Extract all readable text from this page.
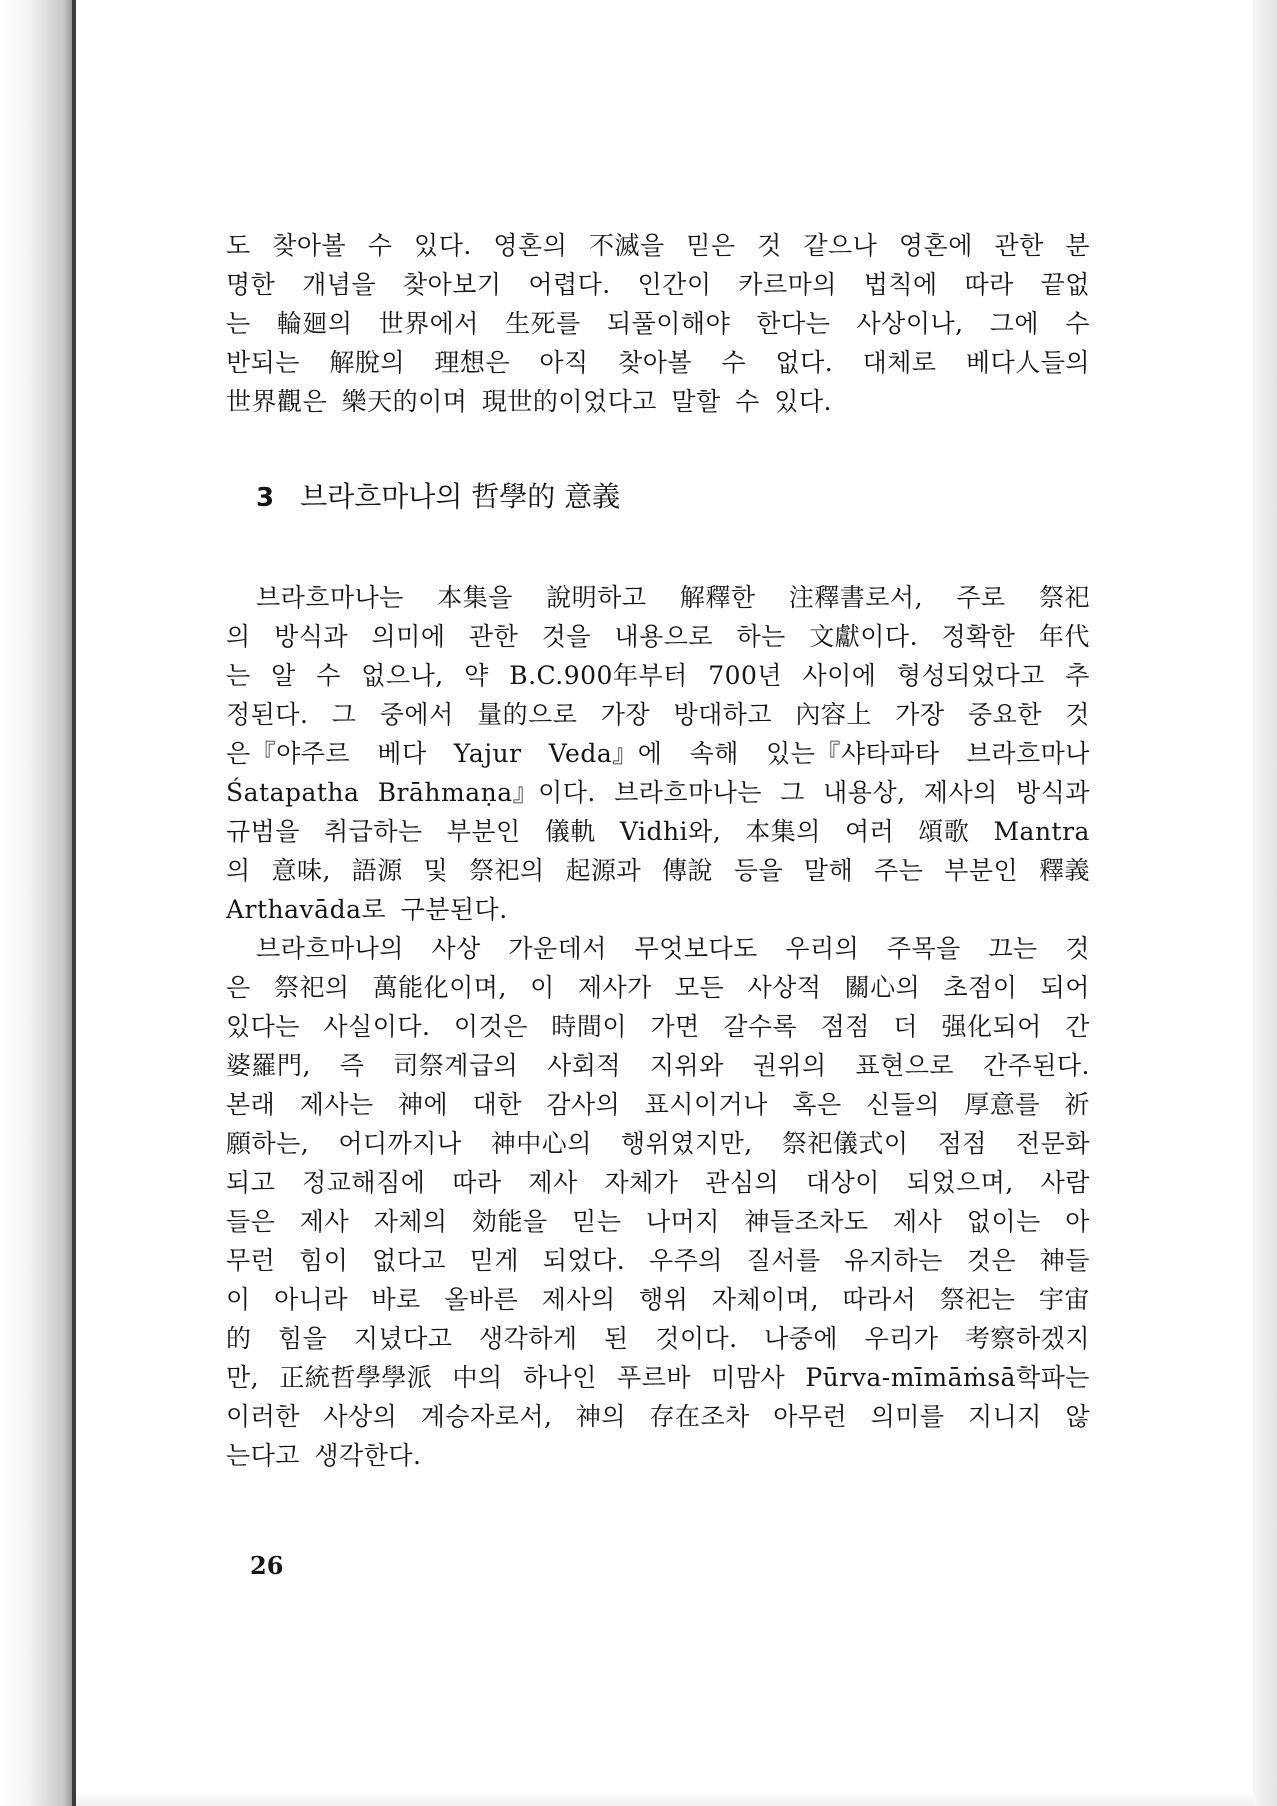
도 찾아볼 수 있다. 영혼의 不滅을 믿은 것 같으나 영혼에 관한 분
명한 개념을 찾아보기 어렵다. 인간이 카르마의 법칙에 따라 끝없
는 輪廻의 世界에서 生死를 되풀이해야 한다는 사상이나, 그에 수
반되는 解脫의 理想은 아직 찾아볼 수 없다. 대체로 베다人들의
世界觀은 樂天的이며 現世的이었다고 말할 수 있다.
3 브라흐마나의 哲學的 意義
브라흐마나는 本集을 說明하고 解釋한 注釋書로서, 주로 祭祀
의 방식과 의미에 관한 것을 내용으로 하는 文獻이다. 정확한 年代
는 알 수 없으나, 약 B.C.900年부터 700년 사이에 형성되었다고 추
정된다. 그 중에서 量的으로 가장 방대하고 內容上 가장 중요한 것
은『야주르 베다 Yajur Veda』에 속해 있는『샤타파타 브라흐마나
Śatapatha Brāhmaṇa』이다. 브라흐마나는 그 내용상, 제사의 방식과
규범을 취급하는 부분인 儀軌 Vidhi와, 本集의 여러 頌歌 Mantra
의 意味, 語源 및 祭祀의 起源과 傳說 등을 말해 주는 부분인 釋義
Arthavāda로 구분된다.
브라흐마나의 사상 가운데서 무엇보다도 우리의 주목을 끄는 것
은 祭祀의 萬能化이며, 이 제사가 모든 사상적 關心의 초점이 되어
있다는 사실이다. 이것은 時間이 가면 갈수록 점점 더 强化되어 간
婆羅門, 즉 司祭계급의 사회적 지위와 권위의 표현으로 간주된다.
본래 제사는 神에 대한 감사의 표시이거나 혹은 신들의 厚意를 祈
願하는, 어디까지나 神中心의 행위였지만, 祭祀儀式이 점점 전문화
되고 정교해짐에 따라 제사 자체가 관심의 대상이 되었으며, 사람
들은 제사 자체의 効能을 믿는 나머지 神들조차도 제사 없이는 아
무런 힘이 없다고 믿게 되었다. 우주의 질서를 유지하는 것은 神들
이 아니라 바로 올바른 제사의 행위 자체이며, 따라서 祭祀는 宇宙
的 힘을 지녔다고 생각하게 된 것이다. 나중에 우리가 考察하겠지
만, 正統哲學學派 中의 하나인 푸르바 미맘사 Pūrva-mīmāṁsā학파는
이러한 사상의 계승자로서, 神의 存在조차 아무런 의미를 지니지 않
는다고 생각한다.
26
